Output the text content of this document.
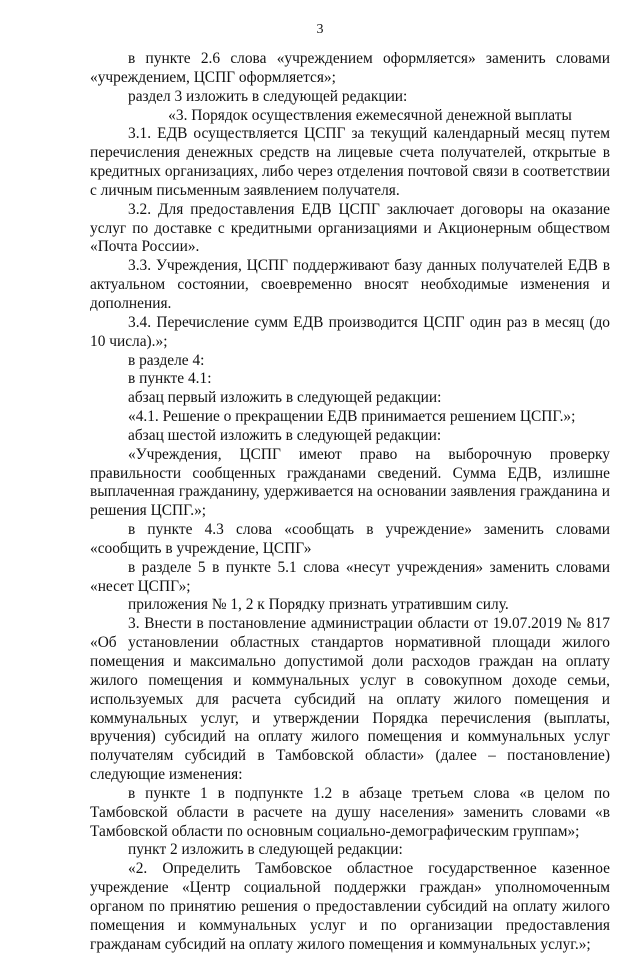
3

в пункте 2.6 слова «учреждением оформляется» заменить словами «учреждением, ЦСПГ оформляется»;

раздел 3 изложить в следующей редакции:

«3. Порядок осуществления ежемесячной денежной выплаты

3.1. ЕДВ осуществляется ЦСПГ за текущий календарный месяц путем перечисления денежных средств на лицевые счета получателей, открытые в кредитных организациях, либо через отделения почтовой связи в соответствии с личным письменным заявлением получателя.

3.2. Для предоставления ЕДВ ЦСПГ заключает договоры на оказание услуг по доставке с кредитными организациями и Акционерным обществом «Почта России».

3.3. Учреждения, ЦСПГ поддерживают базу данных получателей ЕДВ в актуальном состоянии, своевременно вносят необходимые изменения и дополнения.

3.4. Перечисление сумм ЕДВ производится ЦСПГ один раз в месяц (до 10 числа).»;

в разделе 4:

в пункте 4.1:

абзац первый изложить в следующей редакции:

«4.1. Решение о прекращении ЕДВ принимается решением ЦСПГ.»;

абзац шестой изложить в следующей редакции:

«Учреждения, ЦСПГ имеют право на выборочную проверку правильности сообщенных гражданами сведений. Сумма ЕДВ, излишне выплаченная гражданину, удерживается на основании заявления гражданина и решения ЦСПГ.»;

в пункте 4.3 слова «сообщать в учреждение» заменить словами «сообщить в учреждение, ЦСПГ»

в разделе 5 в пункте 5.1 слова «несут учреждения» заменить словами «несет ЦСПГ»;

приложения № 1, 2 к Порядку признать утратившим силу.

3. Внести в постановление администрации области от 19.07.2019 № 817 «Об установлении областных стандартов нормативной площади жилого помещения и максимально допустимой доли расходов граждан на оплату жилого помещения и коммунальных услуг в совокупном доходе семьи, используемых для расчета субсидий на оплату жилого помещения и коммунальных услуг, и утверждении Порядка перечисления (выплаты, вручения) субсидий на оплату жилого помещения и коммунальных услуг получателям субсидий в Тамбовской области» (далее – постановление) следующие изменения:

в пункте 1 в подпункте 1.2 в абзаце третьем слова «в целом по Тамбовской области в расчете на душу населения» заменить словами «в Тамбовской области по основным социально-демографическим группам»;

пункт 2 изложить в следующей редакции:

«2. Определить Тамбовское областное государственное казенное учреждение «Центр социальной поддержки граждан» уполномоченным органом по принятию решения о предоставлении субсидий на оплату жилого помещения и коммунальных услуг и по организации предоставления гражданам субсидий на оплату жилого помещения и коммунальных услуг.»;
